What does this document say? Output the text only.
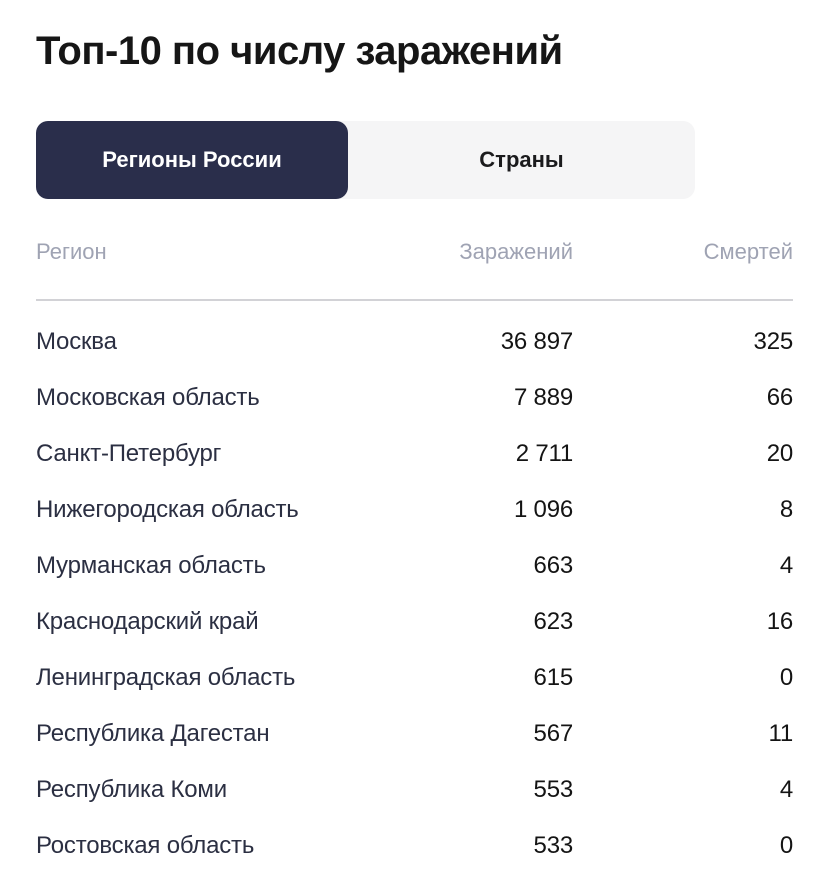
Топ-10 по числу заражений
Регионы России	Страны
Регион	Заражений	Смертей
Москва	36 897	325
Московская область	7 889	66
Санкт-Петербург	2 711	20
Нижегородская область	1 096	8
Мурманская область	663	4
Краснодарский край	623	16
Ленинградская область	615	0
Республика Дагестан	567	11
Республика Коми	553	4
Ростовская область	533	0
